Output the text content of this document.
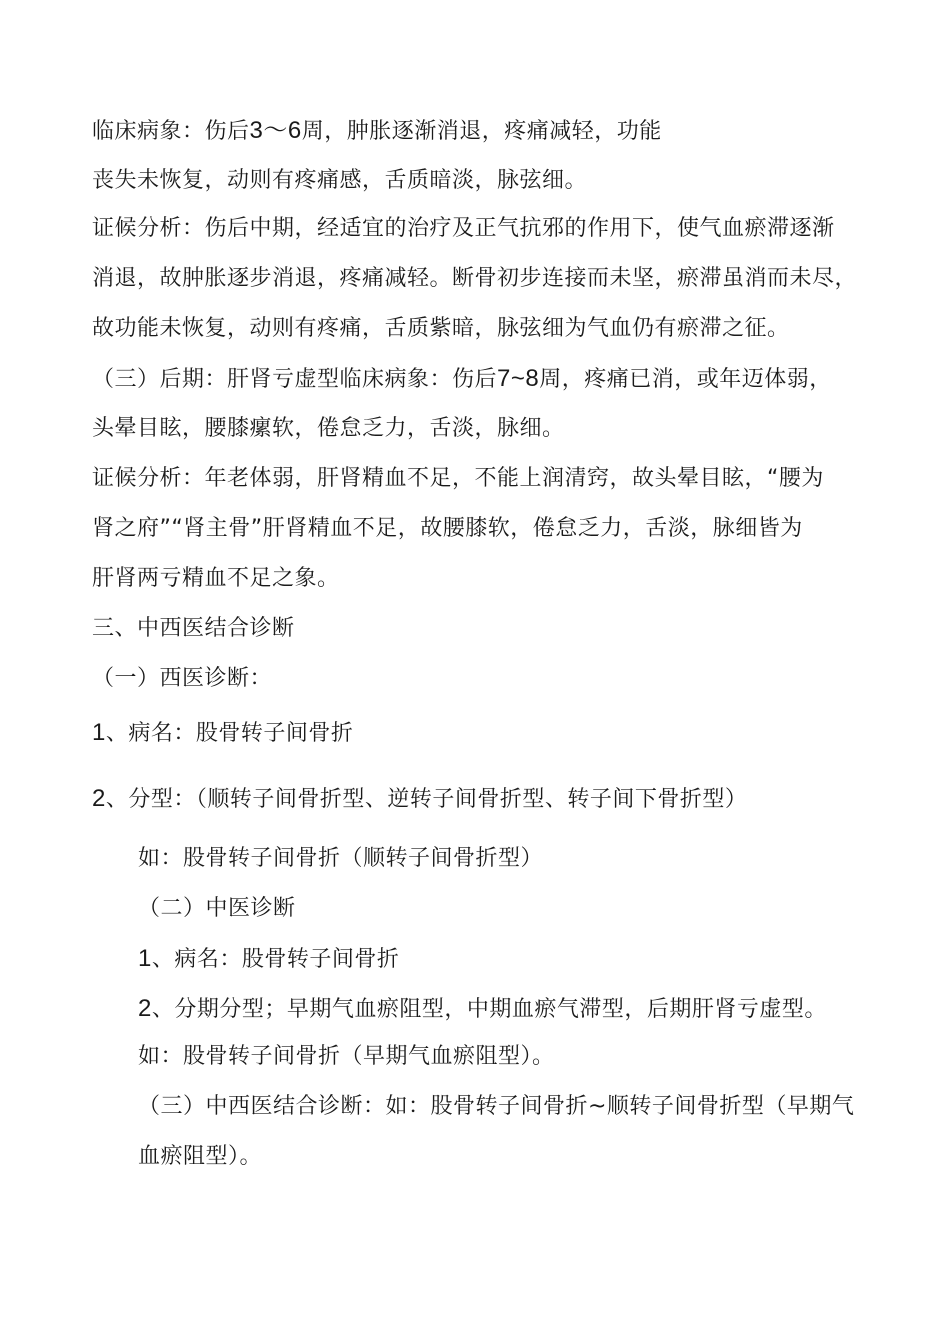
临床病象：伤后3〜6周，肿胀逐渐消退，疼痛减轻，功能
丧失未恢复，动则有疼痛感，舌质暗淡，脉弦细。
证候分析：伤后中期，经适宜的治疗及正气抗邪的作用下，使气血瘀滞逐渐
消退，故肿胀逐步消退，疼痛减轻。断骨初步连接而未坚，瘀滞虽消而未尽，
故功能未恢复，动则有疼痛，舌质紫暗，脉弦细为气血仍有瘀滞之征。
（三）后期：肝肾亏虚型临床病象：伤后7~8周，疼痛已消，或年迈体弱，
头晕目眩，腰膝瘰软，倦怠乏力，舌淡，脉细。
证候分析：年老体弱，肝肾精血不足，不能上润清窍，故头晕目眩，“腰为
肾之府”“肾主骨”肝肾精血不足，故腰膝软，倦怠乏力，舌淡，脉细皆为
肝肾两亏精血不足之象。
三、中西医结合诊断
（一）西医诊断：
1、病名：股骨转子间骨折
2、分型：（顺转子间骨折型、逆转子间骨折型、转子间下骨折型）
如：股骨转子间骨折（顺转子间骨折型）
（二）中医诊断
1、病名：股骨转子间骨折
2、分期分型；早期气血瘀阻型，中期血瘀气滞型，后期肝肾亏虚型。
如：股骨转子间骨折（早期气血瘀阻型）。
（三）中西医结合诊断：如：股骨转子间骨折~顺转子间骨折型（早期气
血瘀阻型）。
